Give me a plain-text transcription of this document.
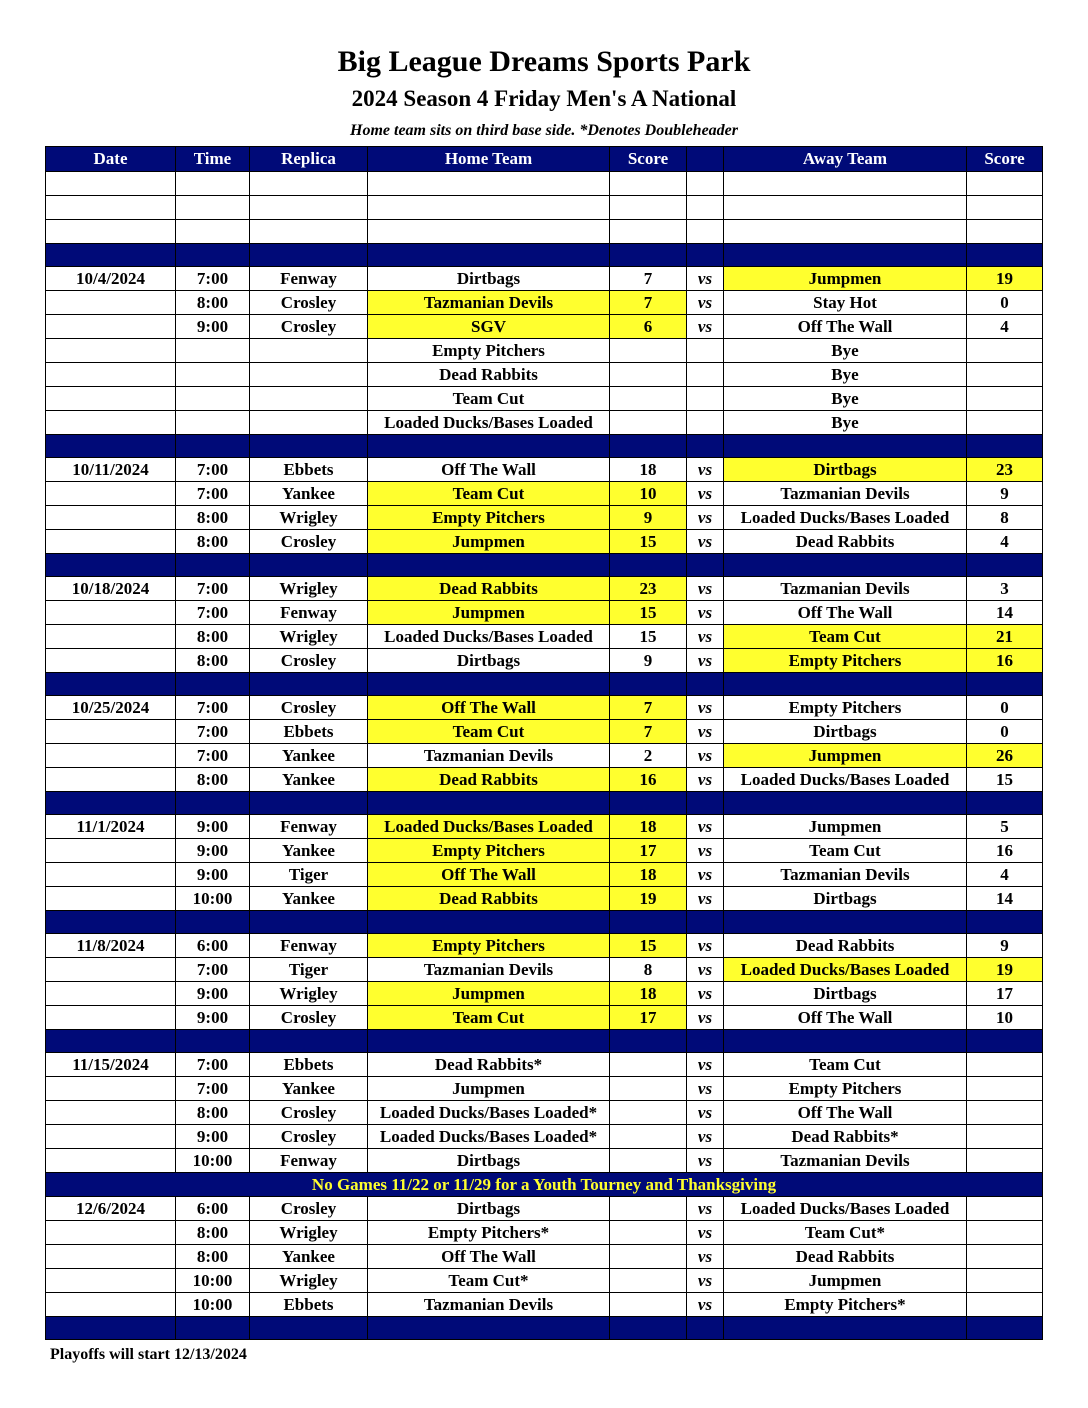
Big League Dreams Sports Park
2024 Season 4 Friday Men's A National
Home team sits on third base side. *Denotes Doubleheader
Date	Time	Replica	Home Team	Score		Away Team	Score

10/4/2024	7:00	Fenway	Dirtbags	7	vs	Jumpmen	19
	8:00	Crosley	Tazmanian Devils	7	vs	Stay Hot	0
	9:00	Crosley	SGV	6	vs	Off The Wall	4
			Empty Pitchers			Bye	
			Dead Rabbits			Bye	
			Team Cut			Bye	
			Loaded Ducks/Bases Loaded			Bye	

10/11/2024	7:00	Ebbets	Off The Wall	18	vs	Dirtbags	23
	7:00	Yankee	Team Cut	10	vs	Tazmanian Devils	9
	8:00	Wrigley	Empty Pitchers	9	vs	Loaded Ducks/Bases Loaded	8
	8:00	Crosley	Jumpmen	15	vs	Dead Rabbits	4

10/18/2024	7:00	Wrigley	Dead Rabbits	23	vs	Tazmanian Devils	3
	7:00	Fenway	Jumpmen	15	vs	Off The Wall	14
	8:00	Wrigley	Loaded Ducks/Bases Loaded	15	vs	Team Cut	21
	8:00	Crosley	Dirtbags	9	vs	Empty Pitchers	16

10/25/2024	7:00	Crosley	Off The Wall	7	vs	Empty Pitchers	0
	7:00	Ebbets	Team Cut	7	vs	Dirtbags	0
	7:00	Yankee	Tazmanian Devils	2	vs	Jumpmen	26
	8:00	Yankee	Dead Rabbits	16	vs	Loaded Ducks/Bases Loaded	15

11/1/2024	9:00	Fenway	Loaded Ducks/Bases Loaded	18	vs	Jumpmen	5
	9:00	Yankee	Empty Pitchers	17	vs	Team Cut	16
	9:00	Tiger	Off The Wall	18	vs	Tazmanian Devils	4
	10:00	Yankee	Dead Rabbits	19	vs	Dirtbags	14

11/8/2024	6:00	Fenway	Empty Pitchers	15	vs	Dead Rabbits	9
	7:00	Tiger	Tazmanian Devils	8	vs	Loaded Ducks/Bases Loaded	19
	9:00	Wrigley	Jumpmen	18	vs	Dirtbags	17
	9:00	Crosley	Team Cut	17	vs	Off The Wall	10

11/15/2024	7:00	Ebbets	Dead Rabbits*		vs	Team Cut	
	7:00	Yankee	Jumpmen		vs	Empty Pitchers	
	8:00	Crosley	Loaded Ducks/Bases Loaded*		vs	Off The Wall	
	9:00	Crosley	Loaded Ducks/Bases Loaded*		vs	Dead Rabbits*	
	10:00	Fenway	Dirtbags		vs	Tazmanian Devils	
No Games 11/22 or 11/29 for a Youth Tourney and Thanksgiving							
12/6/2024	6:00	Crosley	Dirtbags		vs	Loaded Ducks/Bases Loaded	
	8:00	Wrigley	Empty Pitchers*		vs	Team Cut*	
	8:00	Yankee	Off The Wall		vs	Dead Rabbits	
	10:00	Wrigley	Team Cut*		vs	Jumpmen	
	10:00	Ebbets	Tazmanian Devils		vs	Empty Pitchers*	

Playoffs will start 12/13/2024
